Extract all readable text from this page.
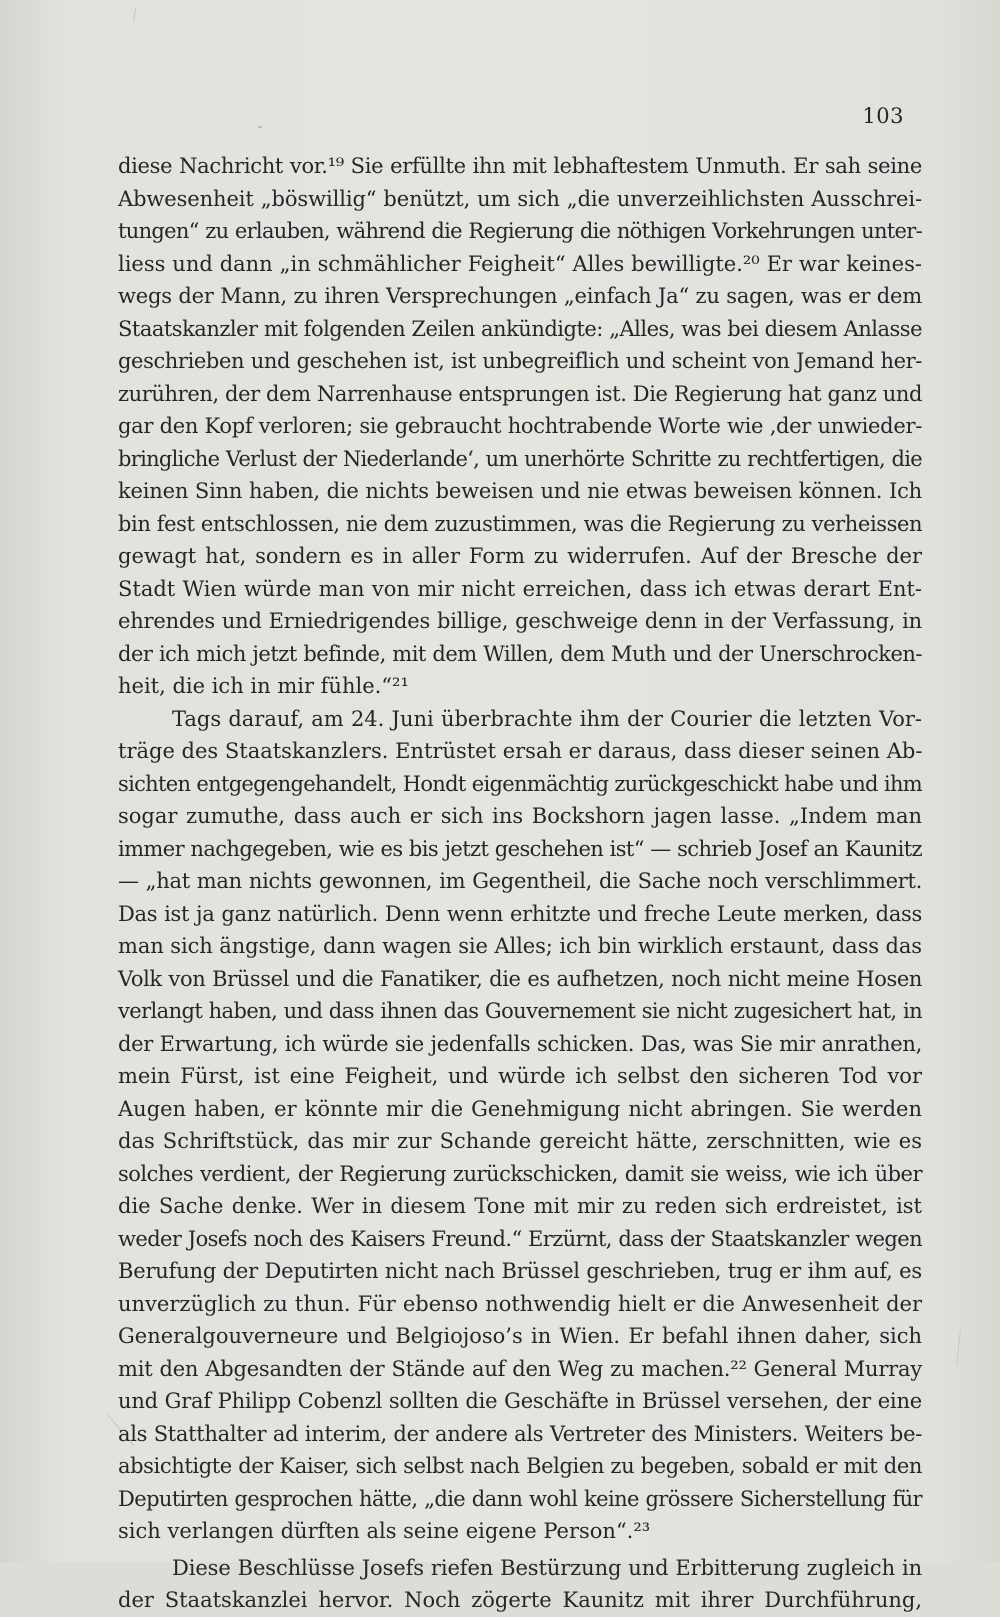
103
diese Nachricht vor.¹⁹ Sie erfüllte ihn mit lebhaftestem Unmuth. Er sah seine
Abwesenheit „böswillig“ benützt, um sich „die unverzeihlichsten Ausschrei-
tungen“ zu erlauben, während die Regierung die nöthigen Vorkehrungen unter-
liess und dann „in schmählicher Feigheit“ Alles bewilligte.²⁰ Er war keines-
wegs der Mann, zu ihren Versprechungen „einfach Ja“ zu sagen, was er dem
Staatskanzler mit folgenden Zeilen ankündigte: „Alles, was bei diesem Anlasse
geschrieben und geschehen ist, ist unbegreiflich und scheint von Jemand her-
zurühren, der dem Narrenhause entsprungen ist. Die Regierung hat ganz und
gar den Kopf verloren; sie gebraucht hochtrabende Worte wie ‚der unwieder-
bringliche Verlust der Niederlande‘, um unerhörte Schritte zu rechtfertigen, die
keinen Sinn haben, die nichts beweisen und nie etwas beweisen können. Ich
bin fest entschlossen, nie dem zuzustimmen, was die Regierung zu verheissen
gewagt hat, sondern es in aller Form zu widerrufen. Auf der Bresche der
Stadt Wien würde man von mir nicht erreichen, dass ich etwas derart Ent-
ehrendes und Erniedrigendes billige, geschweige denn in der Verfassung, in
der ich mich jetzt befinde, mit dem Willen, dem Muth und der Unerschrocken-
heit, die ich in mir fühle.“²¹
Tags darauf, am 24. Juni überbrachte ihm der Courier die letzten Vor-
träge des Staatskanzlers. Entrüstet ersah er daraus, dass dieser seinen Ab-
sichten entgegengehandelt, Hondt eigenmächtig zurückgeschickt habe und ihm
sogar zumuthe, dass auch er sich ins Bockshorn jagen lasse. „Indem man
immer nachgegeben, wie es bis jetzt geschehen ist“ — schrieb Josef an Kaunitz
— „hat man nichts gewonnen, im Gegentheil, die Sache noch verschlimmert.
Das ist ja ganz natürlich. Denn wenn erhitzte und freche Leute merken, dass
man sich ängstige, dann wagen sie Alles; ich bin wirklich erstaunt, dass das
Volk von Brüssel und die Fanatiker, die es aufhetzen, noch nicht meine Hosen
verlangt haben, und dass ihnen das Gouvernement sie nicht zugesichert hat, in
der Erwartung, ich würde sie jedenfalls schicken. Das, was Sie mir anrathen,
mein Fürst, ist eine Feigheit, und würde ich selbst den sicheren Tod vor
Augen haben, er könnte mir die Genehmigung nicht abringen. Sie werden
das Schriftstück, das mir zur Schande gereicht hätte, zerschnitten, wie es
solches verdient, der Regierung zurückschicken, damit sie weiss, wie ich über
die Sache denke. Wer in diesem Tone mit mir zu reden sich erdreistet, ist
weder Josefs noch des Kaisers Freund.“ Erzürnt, dass der Staatskanzler wegen
Berufung der Deputirten nicht nach Brüssel geschrieben, trug er ihm auf, es
unverzüglich zu thun. Für ebenso nothwendig hielt er die Anwesenheit der
Generalgouverneure und Belgiojoso’s in Wien. Er befahl ihnen daher, sich
mit den Abgesandten der Stände auf den Weg zu machen.²² General Murray
und Graf Philipp Cobenzl sollten die Geschäfte in Brüssel versehen, der eine
als Statthalter ad interim, der andere als Vertreter des Ministers. Weiters be-
absichtigte der Kaiser, sich selbst nach Belgien zu begeben, sobald er mit den
Deputirten gesprochen hätte, „die dann wohl keine grössere Sicherstellung für
sich verlangen dürften als seine eigene Person“.²³
Diese Beschlüsse Josefs riefen Bestürzung und Erbitterung zugleich in
der Staatskanzlei hervor. Noch zögerte Kaunitz mit ihrer Durchführung,
